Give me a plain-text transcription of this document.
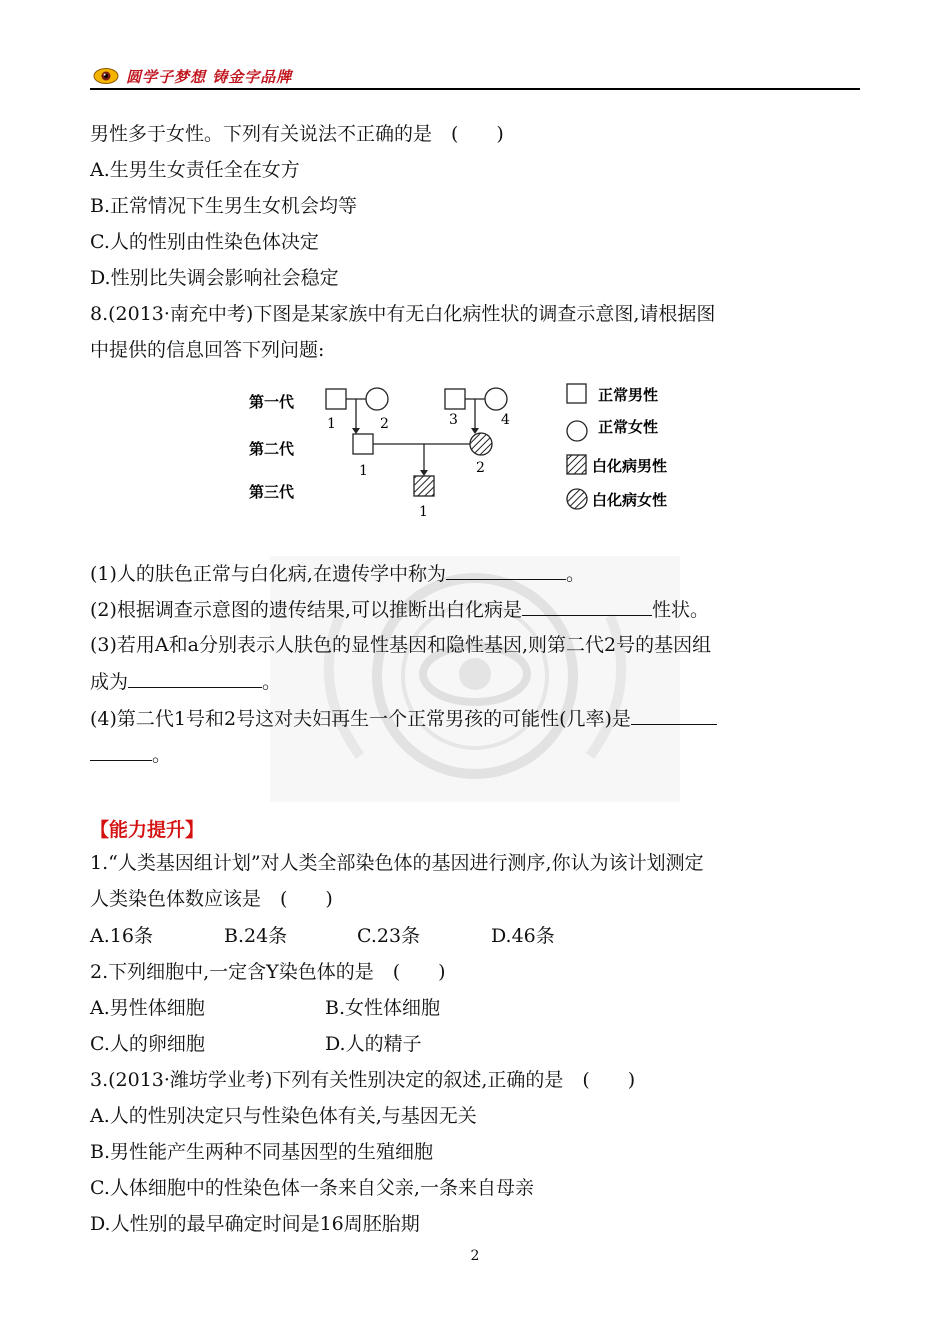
圆学子梦想 铸金字品牌
男性多于女性。下列有关说法不正确的是　(　　)
A.生男生女责任全在女方
B.正常情况下生男生女机会均等
C.人的性别由性染色体决定
D.性别比失调会影响社会稳定
8.(2013·南充中考)下图是某家族中有无白化病性状的调查示意图,请根据图
中提供的信息回答下列问题:
第一代
第二代
第三代
1	2	3	4
1	2
1
正常男性
正常女性
白化病男性
白化病女性
(1)人的肤色正常与白化病,在遗传学中称为	。
(2)根据调查示意图的遗传结果,可以推断出白化病是	性状。
(3)若用A和a分别表示人肤色的显性基因和隐性基因,则第二代2号的基因组
成为	。
(4)第二代1号和2号这对夫妇再生一个正常男孩的可能性(几率)是
。
【能力提升】
1.“人类基因组计划”对人类全部染色体的基因进行测序,你认为该计划测定
人类染色体数应该是　(　　)
A.16条	B.24条	C.23条	D.46条
2.下列细胞中,一定含Y染色体的是　(　　)
A.男性体细胞	B.女性体细胞
C.人的卵细胞	D.人的精子
3.(2013·潍坊学业考)下列有关性别决定的叙述,正确的是　(　　)
A.人的性别决定只与性染色体有关,与基因无关
B.男性能产生两种不同基因型的生殖细胞
C.人体细胞中的性染色体一条来自父亲,一条来自母亲
D.人性别的最早确定时间是16周胚胎期
2
